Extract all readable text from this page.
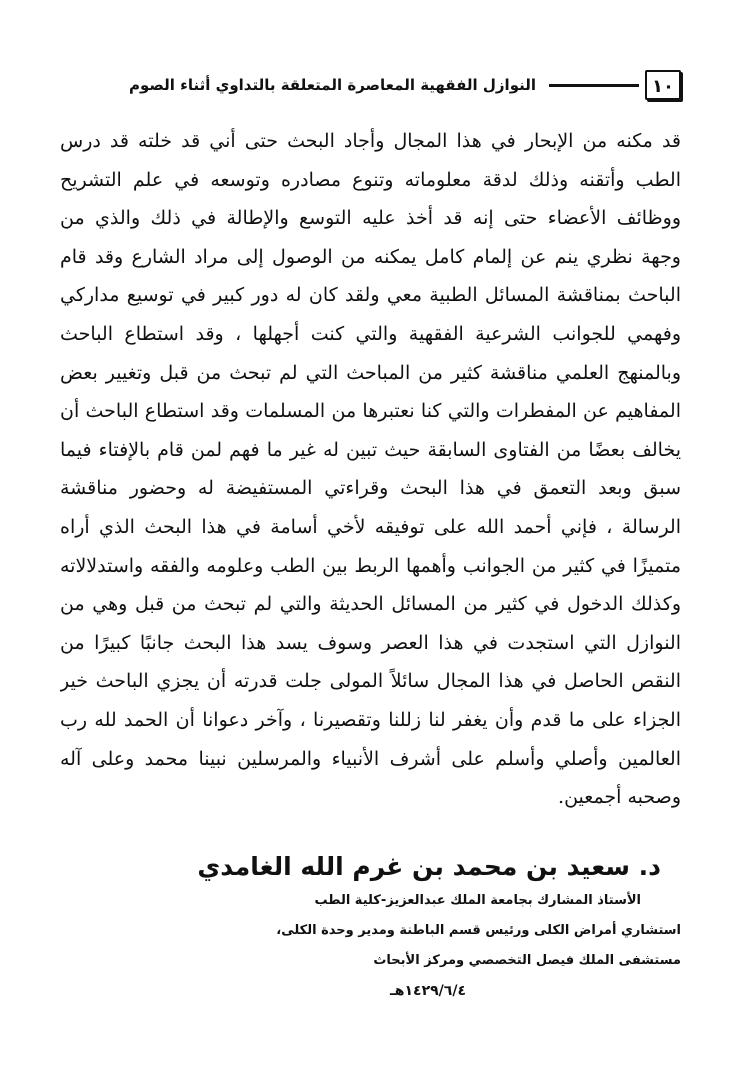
١٠
النوازل الفقهية المعاصرة المتعلقة بالتداوي أثناء الصوم
قد مكنه من الإبحار في هذا المجال وأجاد البحث حتى أني قد خلته قد درس
الطب وأتقنه وذلك لدقة معلوماته وتنوع مصادره وتوسعه في علم التشريح
ووظائف الأعضاء حتى إنه قد أخذ عليه التوسع والإطالة في ذلك والذي من
وجهة نظري ينم عن إلمام كامل يمكنه من الوصول إلى مراد الشارع وقد قام
الباحث بمناقشة المسائل الطبية معي ولقد كان له دور كبير في توسيع مداركي
وفهمي للجوانب الشرعية الفقهية والتي كنت أجهلها ، وقد استطاع الباحث
وبالمنهج العلمي مناقشة كثير من المباحث التي لم تبحث من قبل وتغيير بعض
المفاهيم عن المفطرات والتي كنا نعتبرها من المسلمات وقد استطاع الباحث أن
يخالف بعضًا من الفتاوى السابقة حيث تبين له غير ما فهم لمن قام بالإفتاء فيما
سبق وبعد التعمق في هذا البحث وقراءتي المستفيضة له وحضور مناقشة
الرسالة ، فإني أحمد الله على توفيقه لأخي أسامة في هذا البحث الذي أراه
متميزًا في كثير من الجوانب وأهمها الربط بين الطب وعلومه والفقه واستدلالاته
وكذلك الدخول في كثير من المسائل الحديثة والتي لم تبحث من قبل وهي من
النوازل التي استجدت في هذا العصر وسوف يسد هذا البحث جانبًا كبيرًا من
النقص الحاصل في هذا المجال سائلاً المولى جلت قدرته أن يجزي الباحث خير
الجزاء على ما قدم وأن يغفر لنا زللنا وتقصيرنا ، وآخر دعوانا أن الحمد لله رب
العالمين وأصلي وأسلم على أشرف الأنبياء والمرسلين نبينا محمد وعلى آله
وصحبه أجمعين.
د. سعيد بن محمد بن غرم الله الغامدي
الأستاذ المشارك بجامعة الملك عبدالعزيز-كلية الطب
استشاري أمراض الكلى ورئيس قسم الباطنة ومدير وحدة الكلى،
مستشفى الملك فيصل التخصصي ومركز الأبحاث
١٤٢٩/٦/٤هـ
